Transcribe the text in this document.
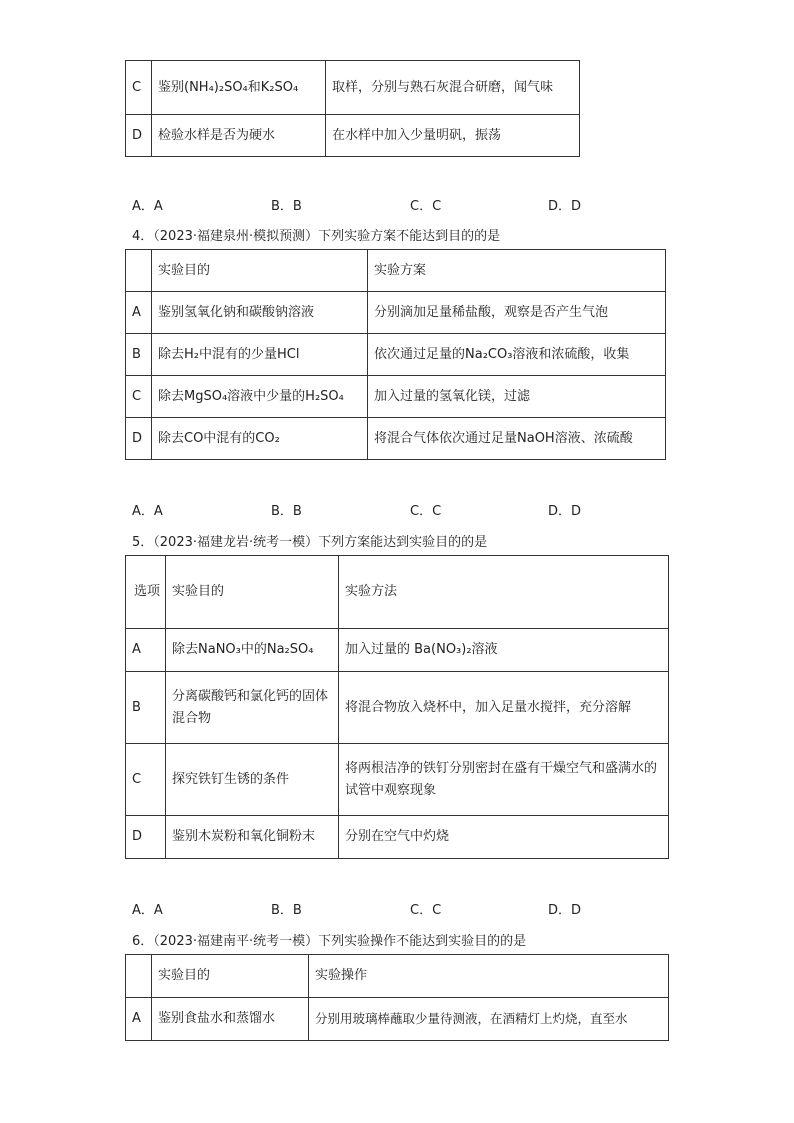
C	鉴别(NH₄)₂SO₄和K₂SO₄	取样，分别与熟石灰混合研磨，闻气味
D	检验水样是否为硬水	在水样中加入少量明矾，振荡
A．A	B．B	C．C	D．D
4．（2023·福建泉州·模拟预测）下列实验方案不能达到目的的是
	实验目的	实验方案
A	鉴别氢氧化钠和碳酸钠溶液	分别滴加足量稀盐酸，观察是否产生气泡
B	除去H₂中混有的少量HCl	依次通过足量的Na₂CO₃溶液和浓硫酸，收集
C	除去MgSO₄溶液中少量的H₂SO₄	加入过量的氢氧化镁，过滤
D	除去CO中混有的CO₂	将混合气体依次通过足量NaOH溶液、浓硫酸
A．A	B．B	C．C	D．D
5．（2023·福建龙岩·统考一模）下列方案能达到实验目的的是
选项	实验目的	实验方法
A	除去NaNO₃中的Na₂SO₄	加入过量的 Ba(NO₃)₂溶液
B	分离碳酸钙和氯化钙的固体混合物	将混合物放入烧杯中，加入足量水搅拌，充分溶解
C	探究铁钉生锈的条件	将两根洁净的铁钉分别密封在盛有干燥空气和盛满水的试管中观察现象
D	鉴别木炭粉和氧化铜粉末	分别在空气中灼烧
A．A	B．B	C．C	D．D
6．（2023·福建南平·统考一模）下列实验操作不能达到实验目的的是
	实验目的	实验操作
A	鉴别食盐水和蒸馏水	分别用玻璃棒蘸取少量待测液，在酒精灯上灼烧，直至水
